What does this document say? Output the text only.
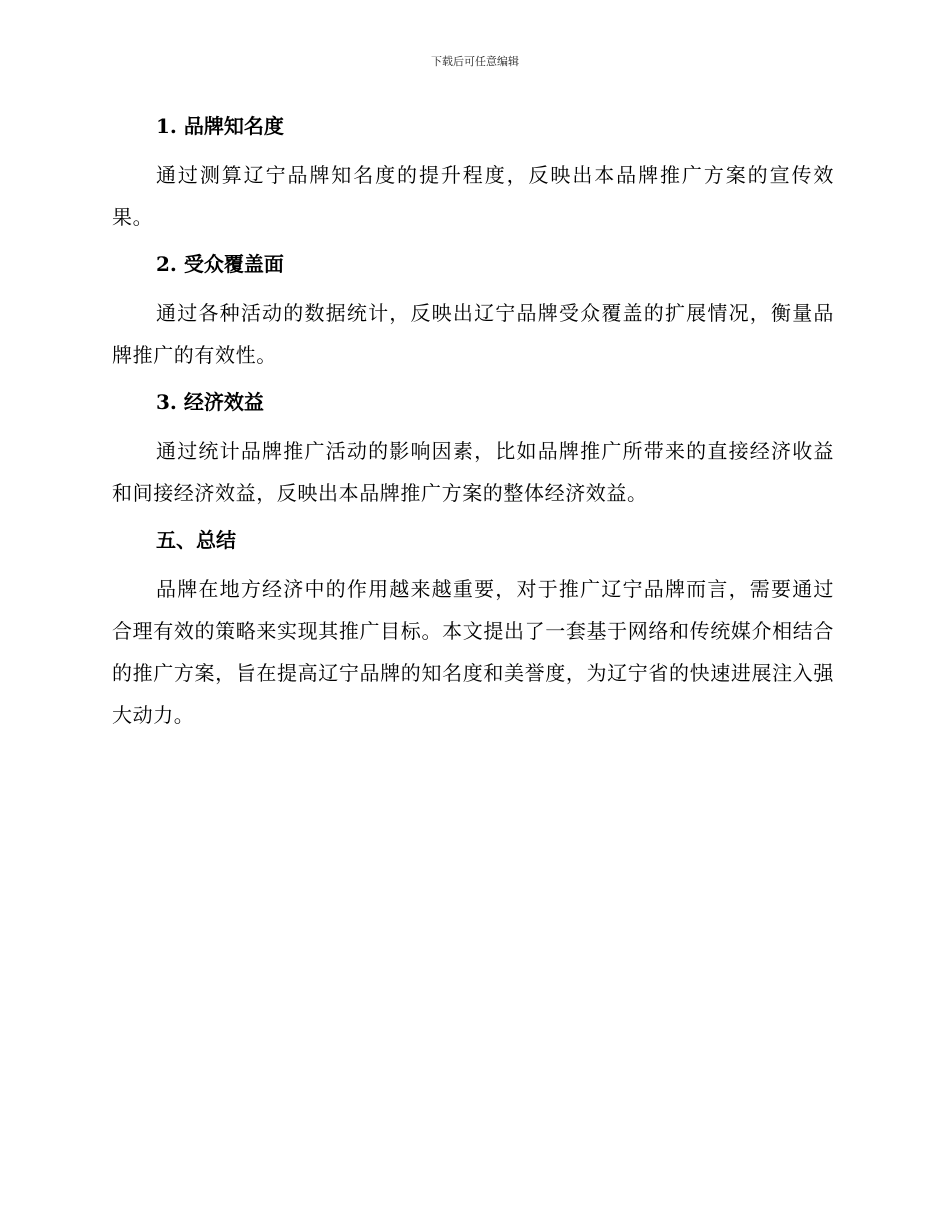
下载后可任意编辑
1. 品牌知名度

通过测算辽宁品牌知名度的提升程度，反映出本品牌推广方案的宣传效果。

2. 受众覆盖面

通过各种活动的数据统计，反映出辽宁品牌受众覆盖的扩展情况，衡量品牌推广的有效性。

3. 经济效益

通过统计品牌推广活动的影响因素，比如品牌推广所带来的直接经济收益和间接经济效益，反映出本品牌推广方案的整体经济效益。

五、总结

品牌在地方经济中的作用越来越重要，对于推广辽宁品牌而言，需要通过合理有效的策略来实现其推广目标。本文提出了一套基于网络和传统媒介相结合的推广方案，旨在提高辽宁品牌的知名度和美誉度，为辽宁省的快速进展注入强大动力。
